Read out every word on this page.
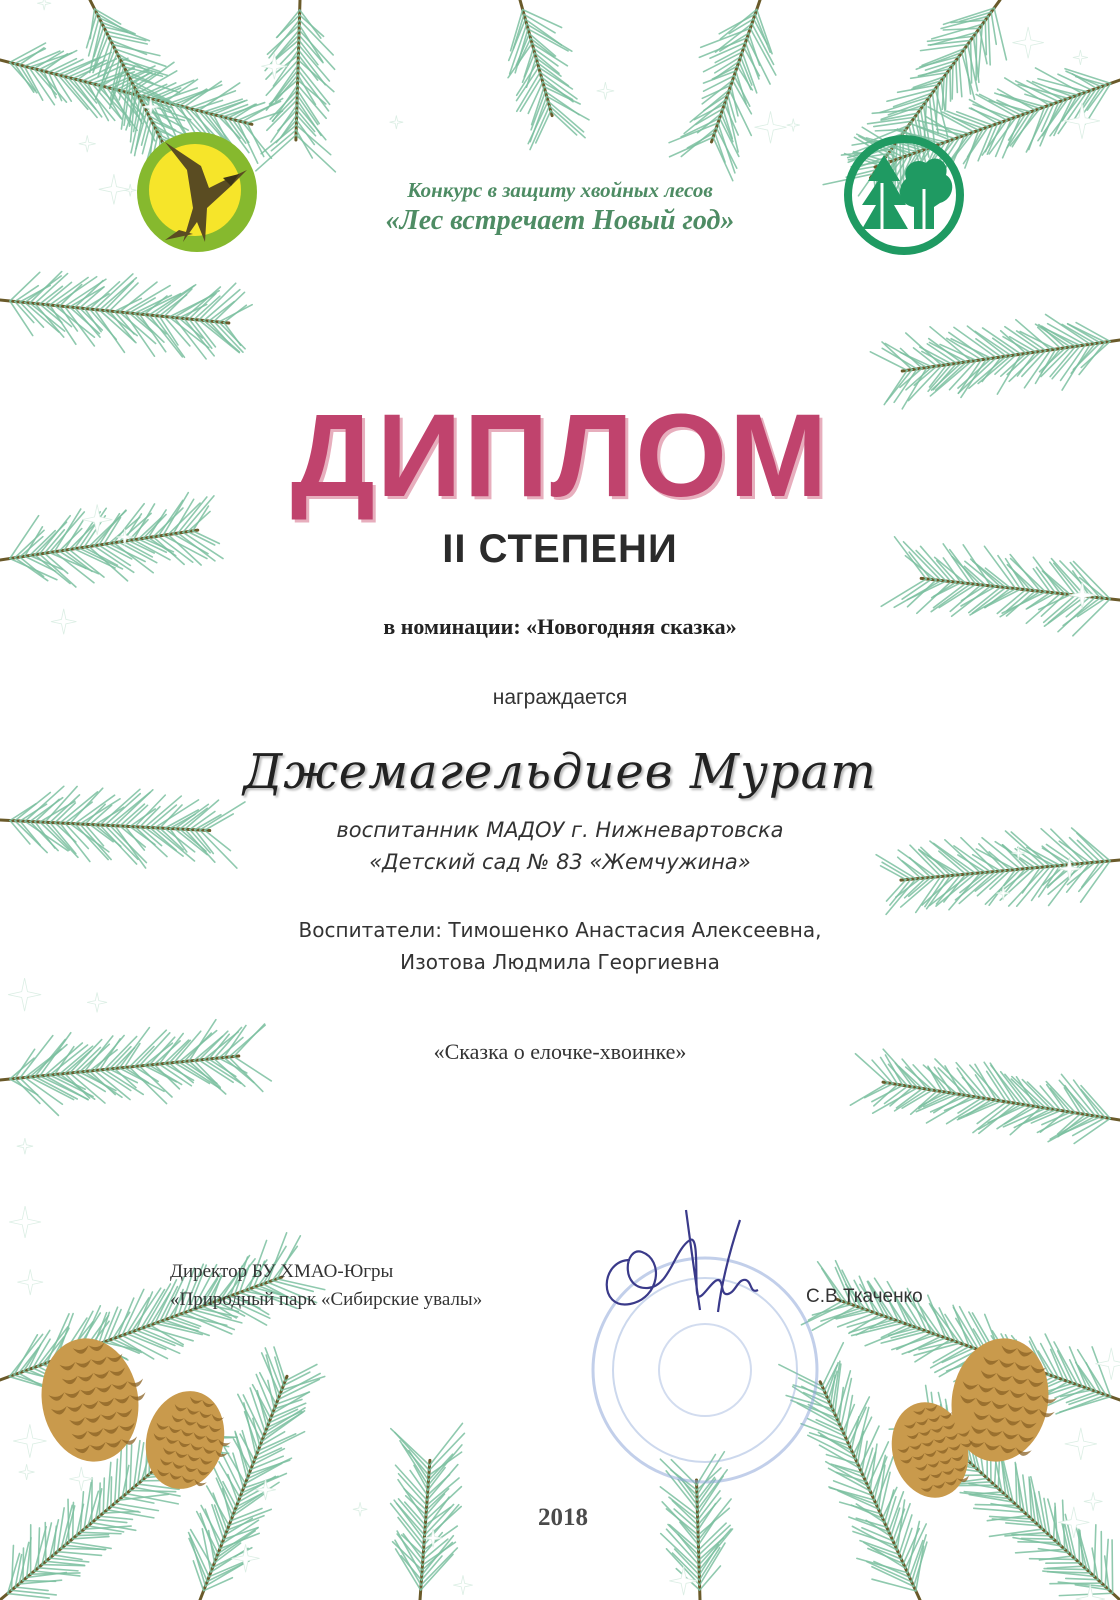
Конкурс в защиту хвойных лесов
«Лес встречает Новый год»
ДИПЛОМ
II СТЕПЕНИ
в номинации: «Новогодняя сказка»
награждается
Джемагельдиев Мурат
воспитанник МАДОУ г. Нижневартовска
«Детский сад № 83 «Жемчужина»
Воспитатели: Тимошенко Анастасия Алексеевна,
Изотова Людмила Георгиевна
«Сказка о елочке-хвоинке»
Директор БУ ХМАО-Югры
«Природный парк «Сибирские увалы»	С.В.Ткаченко
2018
